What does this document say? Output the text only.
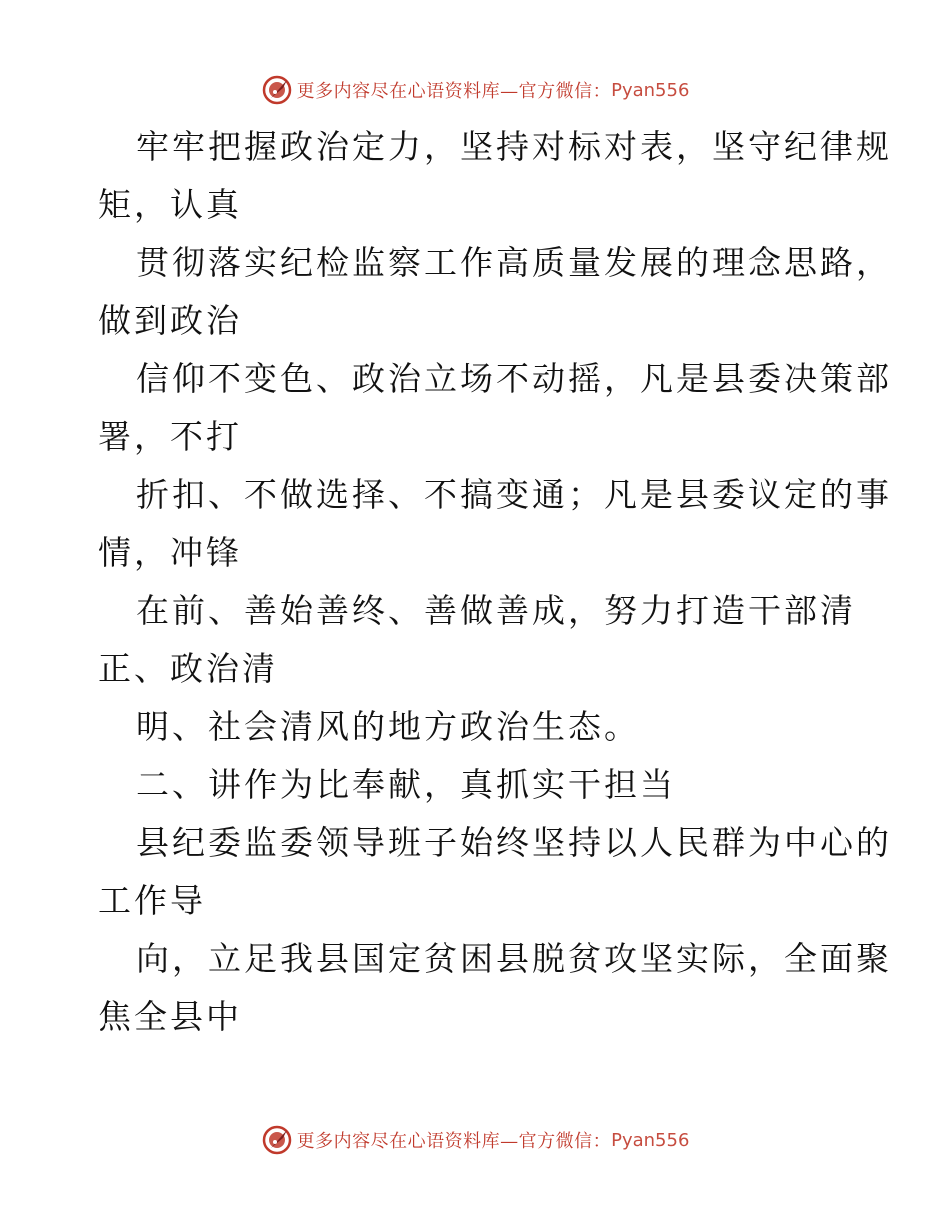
更多内容尽在心语资料库—官方微信： Pyan556
牢牢把握政治定力，坚持对标对表，坚守纪律规
矩，认真
贯彻落实纪检监察工作高质量发展的理念思路，
做到政治
信仰不变色、政治立场不动摇，凡是县委决策部
署，不打
折扣、不做选择、不搞变通；凡是县委议定的事
情，冲锋
在前、善始善终、善做善成，努力打造干部清
正、政治清
明、社会清风的地方政治生态。
二、讲作为比奉献，真抓实干担当
县纪委监委领导班子始终坚持以人民群为中心的
工作导
向，立足我县国定贫困县脱贫攻坚实际，全面聚
焦全县中
更多内容尽在心语资料库—官方微信： Pyan556
